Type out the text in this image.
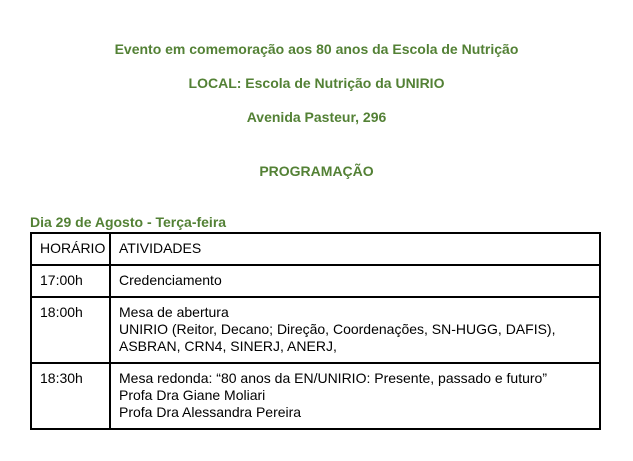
Evento em comemoração aos 80 anos da Escola de Nutrição

LOCAL: Escola de Nutrição da UNIRIO

Avenida Pasteur, 296

PROGRAMAÇÃO

Dia 29 de Agosto - Terça-feira

HORÁRIO	ATIVIDADES
17:00h	Credenciamento

18:00h	Mesa de abertura
UNIRIO (Reitor, Decano; Direção, Coordenações, SN-HUGG, DAFIS),
ASBRAN, CRN4, SINERJ, ANERJ,

18:30h	Mesa redonda: “80 anos da EN/UNIRIO: Presente, passado e futuro”
Profa Dra Giane Moliari
Profa Dra Alessandra Pereira
